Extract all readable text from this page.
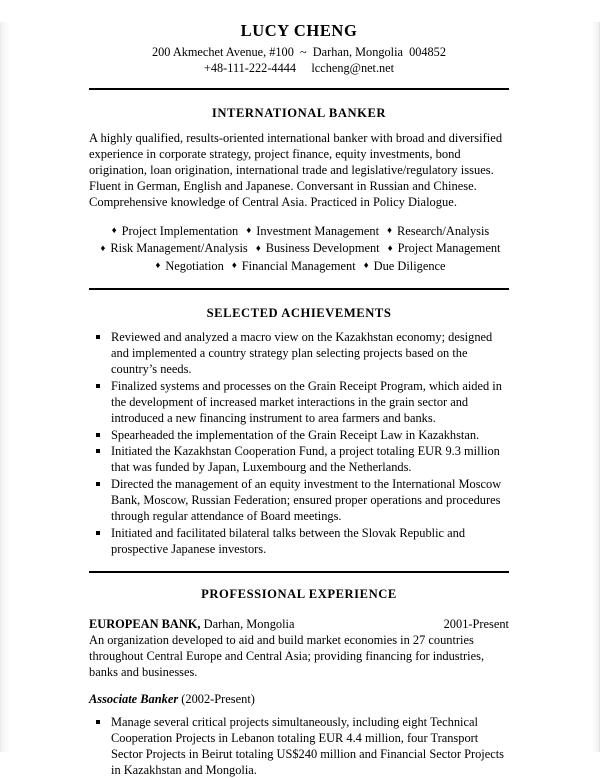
LUCY CHENG
200 Akmechet Avenue, #100  ~  Darhan, Mongolia  004852
+48-111-222-4444     lccheng@net.net
INTERNATIONAL BANKER
A highly qualified, results-oriented international banker with broad and diversified experience in corporate strategy, project finance, equity investments, bond origination, loan origination, international trade and legislative/regulatory issues. Fluent in German, English and Japanese. Conversant in Russian and Chinese. Comprehensive knowledge of Central Asia. Practiced in Policy Dialogue.
♦ Project Implementation ♦ Investment Management ♦ Research/Analysis
♦ Risk Management/Analysis ♦ Business Development ♦ Project Management
♦ Negotiation ♦ Financial Management ♦ Due Diligence
SELECTED ACHIEVEMENTS
Reviewed and analyzed a macro view on the Kazakhstan economy; designed and implemented a country strategy plan selecting projects based on the country’s needs.
Finalized systems and processes on the Grain Receipt Program, which aided in the development of increased market interactions in the grain sector and introduced a new financing instrument to area farmers and banks.
Spearheaded the implementation of the Grain Receipt Law in Kazakhstan.
Initiated the Kazakhstan Cooperation Fund, a project totaling EUR 9.3 million that was funded by Japan, Luxembourg and the Netherlands.
Directed the management of an equity investment to the International Moscow Bank, Moscow, Russian Federation; ensured proper operations and procedures through regular attendance of Board meetings.
Initiated and facilitated bilateral talks between the Slovak Republic and prospective Japanese investors.
PROFESSIONAL EXPERIENCE
EUROPEAN BANK, Darhan, Mongolia	2001-Present
An organization developed to aid and build market economies in 27 countries throughout Central Europe and Central Asia; providing financing for industries, banks and businesses.
Associate Banker (2002-Present)
Manage several critical projects simultaneously, including eight Technical Cooperation Projects in Lebanon totaling EUR 4.4 million, four Transport Sector Projects in Beirut totaling US$240 million and Financial Sector Projects in Kazakhstan and Mongolia.
